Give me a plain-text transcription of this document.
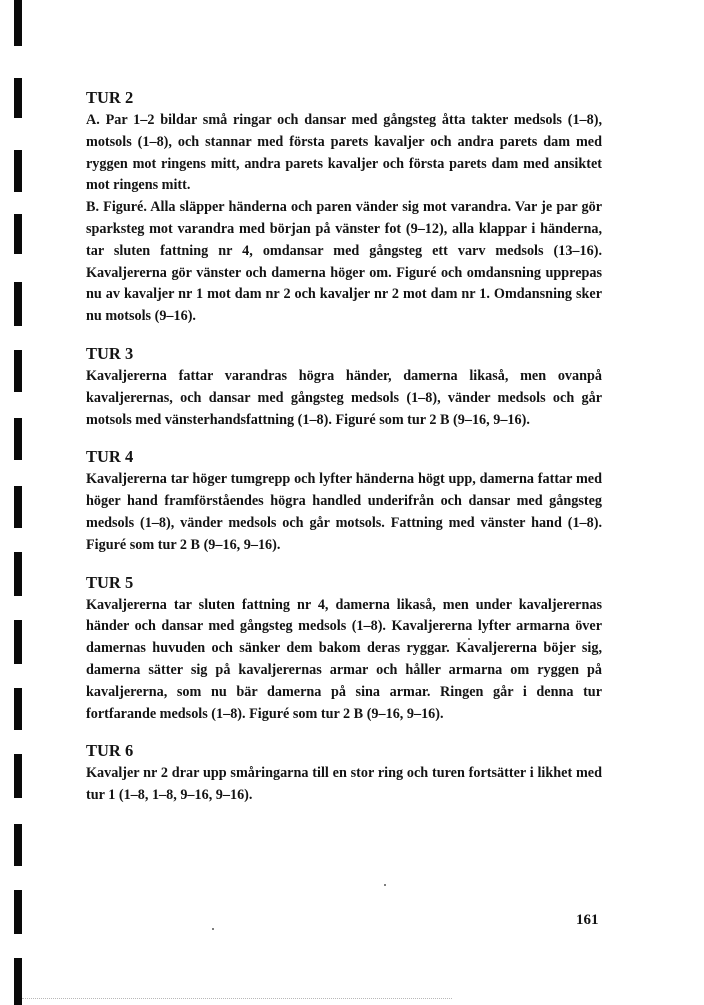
TUR 2

A. Par 1–2 bildar små ringar och dansar med gångsteg åtta takter medsols (1–8), motsols (1–8), och stannar med första parets kavaljer och andra parets dam med ryggen mot ringens mitt, andra parets kavaljer och första parets dam med ansiktet mot ringens mitt.

B. Figuré. Alla släpper händerna och paren vänder sig mot varandra. Var je par gör sparksteg mot varandra med början på vänster fot (9–12), alla klappar i händerna, tar sluten fattning nr 4, omdansar med gångsteg ett varv medsols (13–16). Kavaljererna gör vänster och damerna höger om. Figuré och omdansning upprepas nu av kavaljer nr 1 mot dam nr 2 och kavaljer nr 2 mot dam nr 1. Omdansning sker nu motsols (9–16).

TUR 3

Kavaljererna fattar varandras högra händer, damerna likaså, men ovanpå kavaljerernas, och dansar med gångsteg medsols (1–8), vänder medsols och går motsols med vänsterhandsfattning (1–8). Figuré som tur 2 B (9–16, 9–16).

TUR 4

Kavaljererna tar höger tumgrepp och lyfter händerna högt upp, damerna fattar med höger hand framförståendes högra handled underifrån och dansar med gångsteg medsols (1–8), vänder medsols och går motsols. Fattning med vänster hand (1–8). Figuré som tur 2 B (9–16, 9–16).

TUR 5

Kavaljererna tar sluten fattning nr 4, damerna likaså, men under kavaljerernas händer och dansar med gångsteg medsols (1–8). Kavaljererna lyfter armarna över damernas huvuden och sänker dem bakom deras ryggar. Kavaljererna böjer sig, damerna sätter sig på kavaljerernas armar och håller armarna om ryggen på kavaljererna, som nu bär damerna på sina armar. Ringen går i denna tur fortfarande medsols (1–8). Figuré som tur 2 B (9–16, 9–16).

TUR 6

Kavaljer nr 2 drar upp småringarna till en stor ring och turen fortsätter i likhet med tur 1 (1–8, 1–8, 9–16, 9–16).

161
